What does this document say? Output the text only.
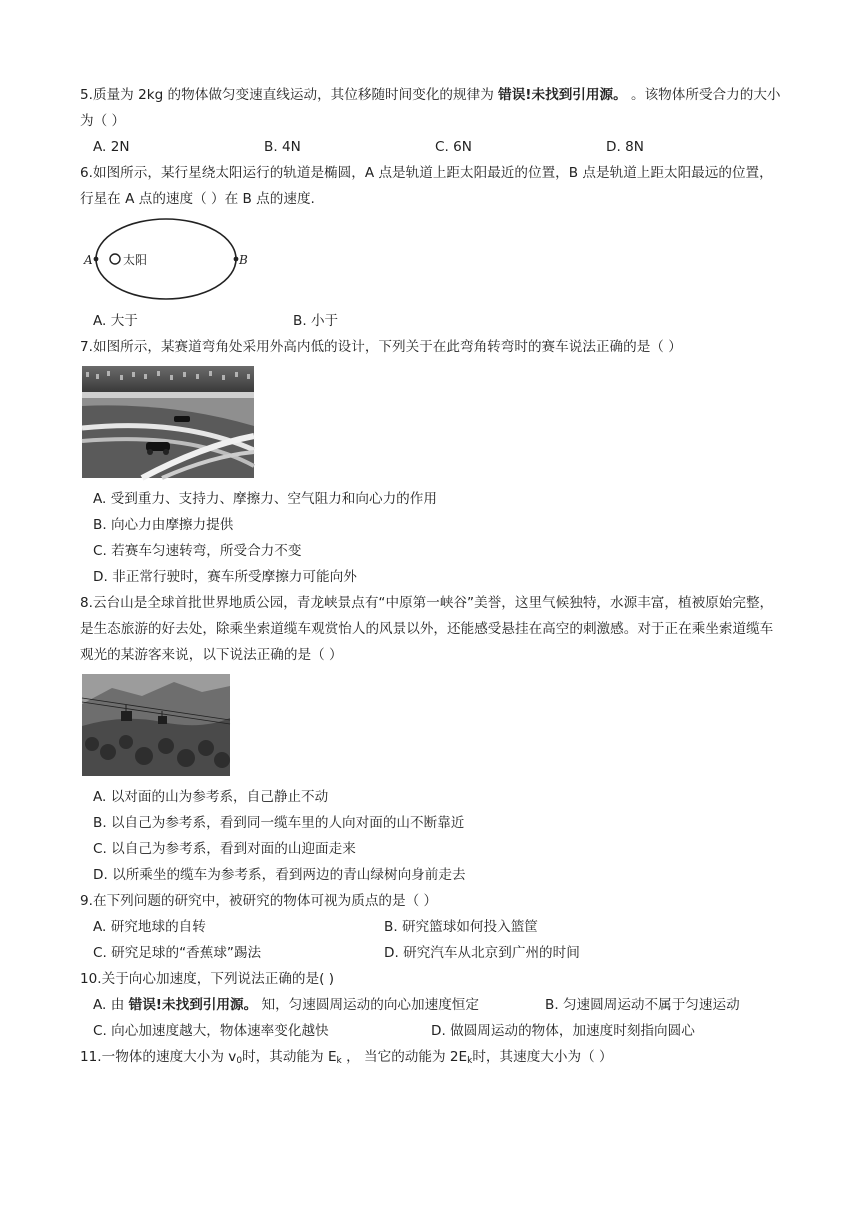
5.质量为 2kg 的物体做匀变速直线运动，其位移随时间变化的规律为 错误!未找到引用源。 。该物体所受合力的大小为（ ）

A. 2N	B. 4N	C. 6N	D. 8N

6.如图所示，某行星绕太阳运行的轨道是椭圆，A 点是轨道上距太阳最近的位置，B 点是轨道上距太阳最远的位置，行星在 A 点的速度（ ）在 B 点的速度.

A	B
太阳
A. 大于	B. 小于

7.如图所示，某赛道弯角处采用外高内低的设计，下列关于在此弯角转弯时的赛车说法正确的是（ ）

A. 受到重力、支持力、摩擦力、空气阻力和向心力的作用
B. 向心力由摩擦力提供
C. 若赛车匀速转弯，所受合力不变
D. 非正常行驶时，赛车所受摩擦力可能向外

8.云台山是全球首批世界地质公园，青龙峡景点有“中原第一峡谷”美誉，这里气候独特，水源丰富，植被原始完整，是生态旅游的好去处，除乘坐索道缆车观赏怡人的风景以外，还能感受悬挂在高空的刺激感。对于正在乘坐索道缆车观光的某游客来说，以下说法正确的是（ ）

A. 以对面的山为参考系，自己静止不动
B. 以自己为参考系，看到同一缆车里的人向对面的山不断靠近
C. 以自己为参考系，看到对面的山迎面走来
D. 以所乘坐的缆车为参考系，看到两边的青山绿树向身前走去

9.在下列问题的研究中，被研究的物体可视为质点的是（ ）

A. 研究地球的自转	B. 研究篮球如何投入篮筐
C. 研究足球的“香蕉球”踢法	D. 研究汽车从北京到广州的时间

10.关于向心加速度，下列说法正确的是( )

A. 由 错误!未找到引用源。 知，匀速圆周运动的向心加速度恒定	B. 匀速圆周运动不属于匀速运动
C. 向心加速度越大，物体速率变化越快	D. 做圆周运动的物体，加速度时刻指向圆心

11.一物体的速度大小为 $v_0$时，其动能为 $E_k$ ， 当它的动能为 $2E_k$时，其速度大小为（ ）
